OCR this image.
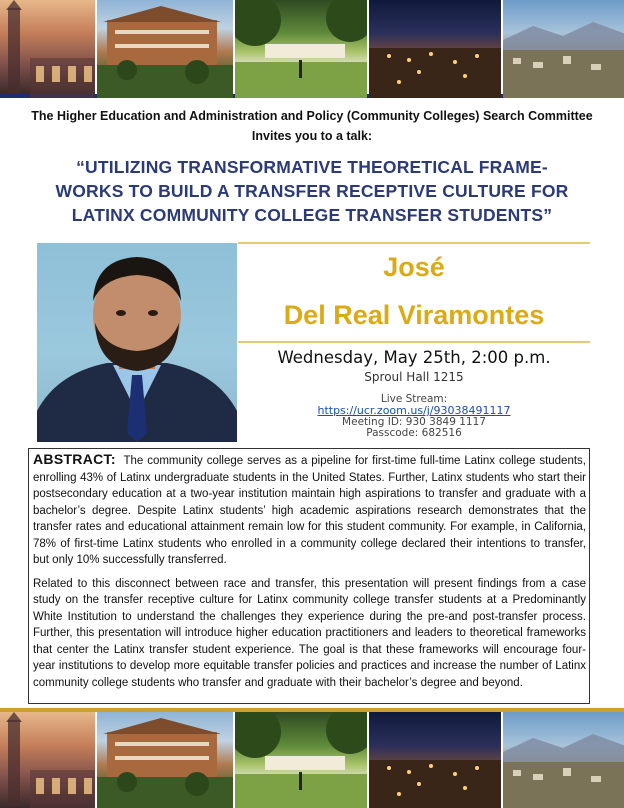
The Higher Education and Administration and Policy (Community Colleges) Search Committee
Invites you to a talk:
“UTILIZING TRANSFORMATIVE THEORETICAL FRAME-
WORKS TO BUILD A TRANSFER RECEPTIVE CULTURE FOR
LATINX COMMUNITY COLLEGE TRANSFER STUDENTS”
José
Del Real Viramontes
Wednesday, May 25th, 2:00 p.m.
Sproul Hall 1215
Live Stream:
https://ucr.zoom.us/j/93038491117
Meeting ID: 930 3849 1117
Passcode: 682516

ABSTRACT: The community college serves as a pipeline for first-time full-time Latinx college students, enrolling 43% of Latinx undergraduate students in the United States. Further, Latinx students who start their postsecondary education at a two-year institution maintain high aspirations to transfer and graduate with a bachelor’s degree. Despite Latinx students’ high academic aspirations research demonstrates that the transfer rates and educational attainment remain low for this student community. For example, in California, 78% of first-time Latinx students who enrolled in a community college declared their intentions to transfer, but only 10% successfully transferred.

Related to this disconnect between race and transfer, this presentation will present findings from a case study on the transfer receptive culture for Latinx community college transfer students at a Predominantly White Institution to understand the challenges they experience during the pre-and post-transfer process. Further, this presentation will introduce higher education practitioners and leaders to theoretical frameworks that center the Latinx transfer student experience. The goal is that these frameworks will encourage four-year institutions to develop more equitable transfer policies and practices and increase the number of Latinx community college students who transfer and graduate with their bachelor’s degree and beyond.
